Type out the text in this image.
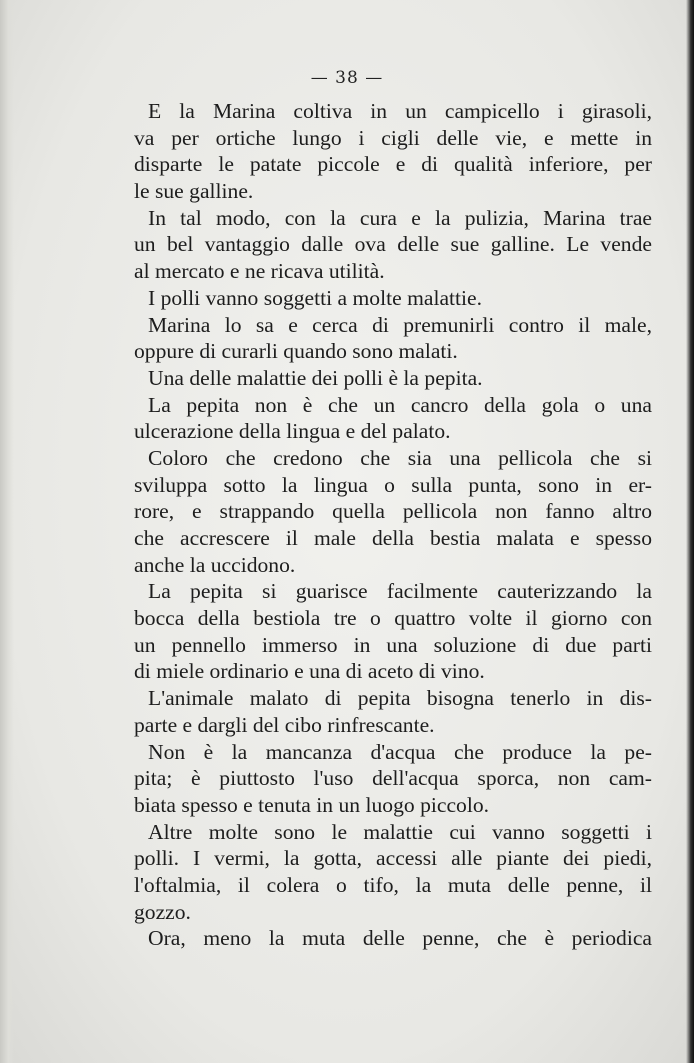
— 38 —

E la Marina coltiva in un campicello i girasoli,
va per ortiche lungo i cigli delle vie, e mette in
disparte le patate piccole e di qualità inferiore, per
le sue galline.

In tal modo, con la cura e la pulizia, Marina trae
un bel vantaggio dalle ova delle sue galline. Le vende
al mercato e ne ricava utilità.

I polli vanno soggetti a molte malattie.

Marina lo sa e cerca di premunirli contro il male,
oppure di curarli quando sono malati.

Una delle malattie dei polli è la pepita.

La pepita non è che un cancro della gola o una
ulcerazione della lingua e del palato.

Coloro che credono che sia una pellicola che si
sviluppa sotto la lingua o sulla punta, sono in er-
rore, e strappando quella pellicola non fanno altro
che accrescere il male della bestia malata e spesso
anche la uccidono.

La pepita si guarisce facilmente cauterizzando la
bocca della bestiola tre o quattro volte il giorno con
un pennello immerso in una soluzione di due parti
di miele ordinario e una di aceto di vino.

L'animale malato di pepita bisogna tenerlo in dis-
parte e dargli del cibo rinfrescante.

Non è la mancanza d'acqua che produce la pe-
pita; è piuttosto l'uso dell'acqua sporca, non cam-
biata spesso e tenuta in un luogo piccolo.

Altre molte sono le malattie cui vanno soggetti i
polli. I vermi, la gotta, accessi alle piante dei piedi,
l'oftalmia, il colera o tifo, la muta delle penne, il
gozzo.

Ora, meno la muta delle penne, che è periodica
